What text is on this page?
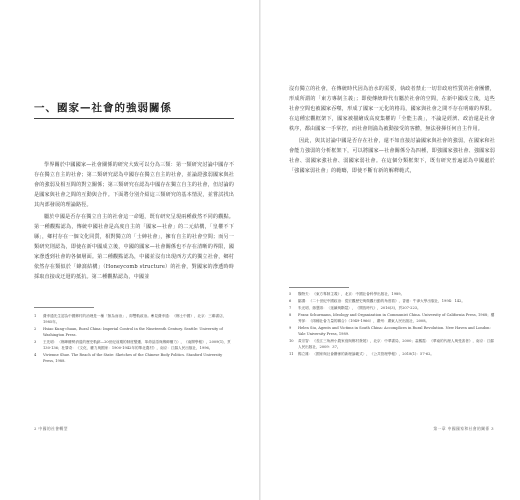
一、國家—社會的強弱關係

學界關於中國國家—社會關係的研究大致可以分為三類：第一類研究討論中國存不存在獨立自主的社會；第二類研究認為中國存在獨立自主的社會，並論證強弱國家與社會的強弱及相互間的對立關係；第三類研究在認為中國存在獨立自主的社會，但討論的是國家與社會之間的互動與合作。下面將分別介紹這三類研究的基本情況，並嘗試找出其內部發展的理論路徑。

屬於中國是否存在獨立自主的社會這一命題，既有研究呈現兩種截然不同的觀點。第一種觀點認為，傳統中國社會是高度自主的「國家—社會」的二元結構，「皇權不下縣」，鄉村存在一個文化同質，相對獨立的「士紳社會」，擁有自主的社會空間；而另一類研究則認為，即使在新中國成立後，中國的國家—社會關係也不存在清晰的界限，國家滲透到社會的各個層面。第二種觀點認為，中國並沒有出現西方式的獨立社會，鄉村依然存在類似於「蜂窩結構」（Honeycomb structure）的社會，對國家的滲透時時採取直接或迂迴的抵抗。第二種觀點認為，中國並

1	費孝通先生認為中國鄉村的治理是一種「無為而治」，即雙軌政治。參見費孝通：《鄉土中國》，北京：三聯書店，1985年。
2	Hsiao Kung-chuan, Rural China: Imperial Control in the Nineteenth Century. Seattle: University of Washington Press.
3	王先明：〈鄉紳權勢消退的歷史軌跡—20世紀前期的制度變遷、革命話語與鄉紳權力〉，《南開學報》，2009(1)，頁130-136；杜贊奇：《文化、權力與國家：1900-1942年的華北農村》，南京：江蘇人民出版社，1996。
4	Vivienne Shue. The Reach of the State: Sketches of the Chinese Body Politics. Stanford University Press, 1988.
2 中國的社會轉型

沒有獨立的社會，在傳統時代因為治水的需要，執政者禁止一切非政府性質的社會團體，形成所謂的「東方專制主義」；即使傳統時代有屬於社會的空間，在新中國成立後，這些社會空間也被國家吞噬，形成了國家一元化的格局，國家與社會之間不存在明確的界限。在這種宏觀框架下，國家被描繪成高度集權的「全能主義」，不論是經濟、政治還是社會秩序，都由國家一手掌控，而社會則淪為被動接受的客體，無法發揮任何自主作用。

因此，與其討論中國是否存在社會，還不如直接討論國家與社會的強弱，在國家和社會能力強弱的分析框架下，可以將國家—社會關係分為四種，即強國家強社會、強國家弱社會、弱國家強社會、弱國家弱社會。在這個分類框架下，既有研究普遍認為中國處於「強國家弱社會」的範疇，即使不斷有新的解釋範式，

5	魏特夫：《東方專制主義》，北京：中國社會科學出版社，1989。
6	鄒讜：《二十世紀中國政治：從宏觀歷史與微觀行動的角度看》，香港：牛津大學出版社，1994：142。
7	朱光明、蔣慧兩：〈延續與斷裂〉，《開放時代》，2016(3)，頁207-223。
8	Franz Schurmann, Ideology and Organization in Communist China. University of California Press, 1968；樓秀萍：《兩種社會力量的聯合》（1949-1966），廣州：廣東人民出版社，2008。
9	Helen Siu, Agents and Victims in South China: Accomplices in Rural Revolution. New Haven and London: Yale University Press, 1989.
10	黃宗智：《長江三角洲小農家庭與鄉村發展》，北京：中華書局，2000；蕭鳳霞：《華南的代理人與受害者》，南京：江蘇人民出版社，2009：37。
11	楊立雄：〈國家與社會關係的新理論範式〉，《公共管理學報》，2018(1)：57-62。
第一章 中國國家和社會的關係 3
